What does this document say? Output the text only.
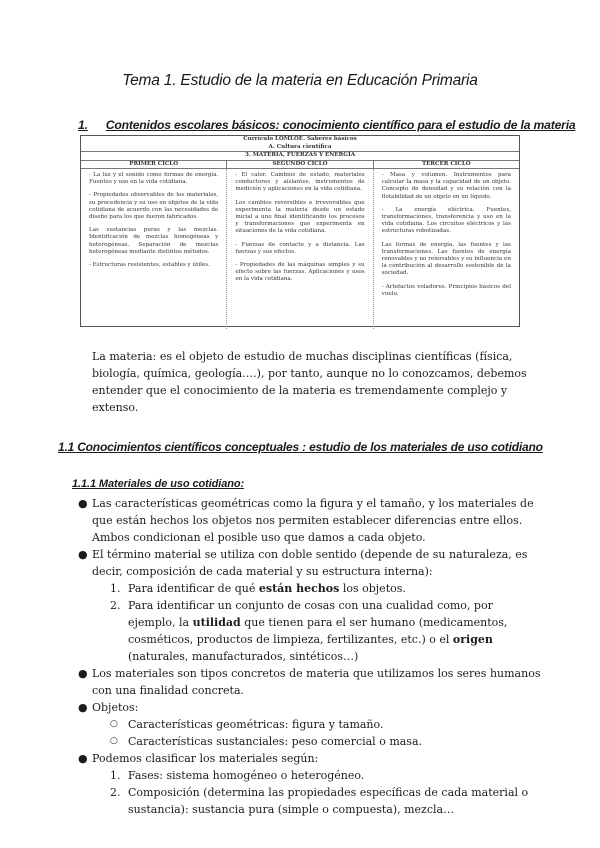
Tema 1. Estudio de la materia en Educación Primaria
1. Contenidos escolares básicos: conocimiento científico para el estudio de la materia
Currículo LOMLOE. Saberes básicos
A. Cultura científica
3. MATERIA, FUERZAS Y ENERGÍA
PRIMER CICLO	SEGUNDO CICLO	TERCER CICLO

- La luz y el sonido como formas de energía. Fuentes y uso en la vida cotidiana.

- Propiedades observables de los materiales, su procedencia y su uso en objetos de la vida cotidiana de acuerdo con las necesidades de diseño para los que fueron fabricados.

Las sustancias puras y las mezclas. Identificación de mezclas homogéneas y heterogéneas. Separación de mezclas heterogéneas mediante distintos métodos.

- Estructuras resistentes, estables y útiles.

- El calor. Cambios de estado, materiales conductores y aislantes, instrumentos de medición y aplicaciones en la vida cotidiana.

Los cambios reversibles e irreversibles que experimenta la materia desde un estado inicial a uno final identificando los procesos y transformaciones que experimenta en situaciones de la vida cotidiana.

- Fuerzas de contacto y a distancia. Las fuerzas y sus efectos.

- Propiedades de las máquinas simples y su efecto sobre las fuerzas. Aplicaciones y usos en la vida cotidiana.

- Masa y volumen. Instrumentos para calcular la masa y la capacidad de un objeto. Concepto de densidad y su relación con la flotabilidad de un objeto en un líquido.

- La energía eléctrica. Fuentes, transformaciones, transferencia y uso en la vida cotidiana. Los circuitos eléctricos y las estructuras robotizadas.

Las formas de energía, las fuentes y las transformaciones. Las fuentes de energía renovables y no renovables y su influencia en la contribución al desarrollo sostenible de la sociedad.

- Artefactos voladores. Principios básicos del vuelo.

La materia: es el objeto de estudio de muchas disciplinas científicas (física, biología, química, geología….), por tanto, aunque no lo conozcamos, debemos entender que el conocimiento de la materia es tremendamente complejo y extenso.
1.1 Conocimientos científicos conceptuales : estudio de los materiales de uso cotidiano
1.1.1 Materiales de uso cotidiano:
● Las características geométricas como la figura y el tamaño, y los materiales de que están hechos los objetos nos permiten establecer diferencias entre ellos. Ambos condicionan el posible uso que damos a cada objeto.
● El término material se utiliza con doble sentido (depende de su naturaleza, es decir, composición de cada material y su estructura interna):
1. Para identificar de qué están hechos los objetos.
2. Para identificar un conjunto de cosas con una cualidad como, por ejemplo, la utilidad que tienen para el ser humano (medicamentos, cosméticos, productos de limpieza, fertilizantes, etc.) o el origen (naturales, manufacturados, sintéticos…)
● Los materiales son tipos concretos de materia que utilizamos los seres humanos con una finalidad concreta.
● Objetos:
○ Características geométricas: figura y tamaño.
○ Características sustanciales: peso comercial o masa.
● Podemos clasificar los materiales según:
1. Fases: sistema homogéneo o heterogéneo.
2. Composición (determina las propiedades específicas de cada material o sustancia): sustancia pura (simple o compuesta), mezcla…
